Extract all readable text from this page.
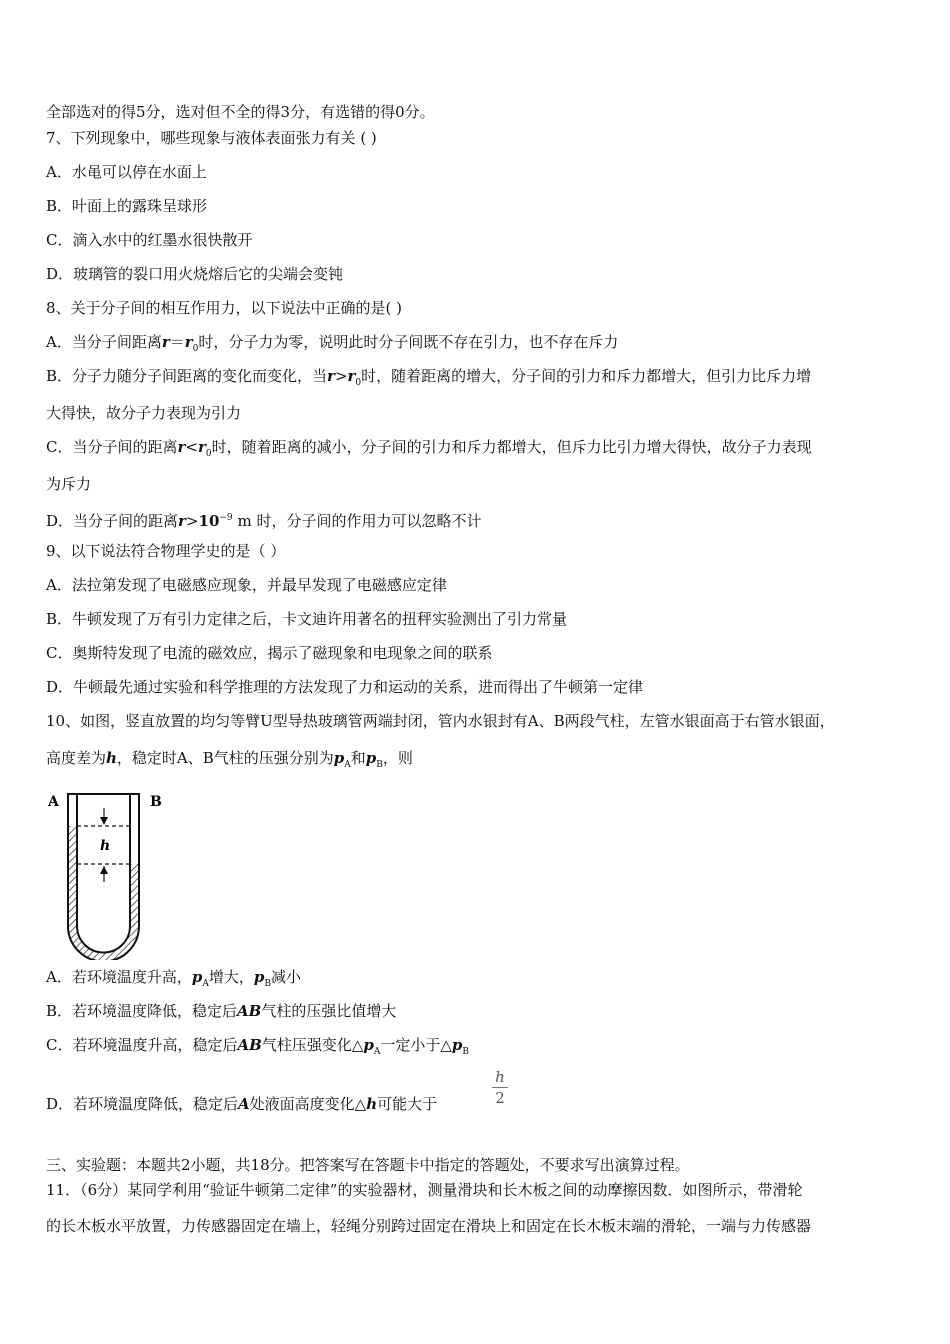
全部选对的得5分，选对但不全的得3分，有选错的得0分。
7、下列现象中，哪些现象与液体表面张力有关 ( )
A．水黾可以停在水面上
B．叶面上的露珠呈球形
C．滴入水中的红墨水很快散开
D．玻璃管的裂口用火烧熔后它的尖端会变钝
8、关于分子间的相互作用力，以下说法中正确的是( )
A．当分子间距离$r=r_0$时，分子力为零，说明此时分子间既不存在引力，也不存在斥力
B．分子力随分子间距离的变化而变化，当$r>r_0$时，随着距离的增大，分子间的引力和斥力都增大，但引力比斥力增
大得快，故分子力表现为引力
C．当分子间的距离$r<r_0$时，随着距离的减小，分子间的引力和斥力都增大，但斥力比引力增大得快，故分子力表现
为斥力
D．当分子间的距离$r>10^{-9}$ m 时，分子间的作用力可以忽略不计
9、以下说法符合物理学史的是（ ）
A．法拉第发现了电磁感应现象，并最早发现了电磁感应定律
B．牛顿发现了万有引力定律之后，卡文迪许用著名的扭秤实验测出了引力常量
C．奥斯特发现了电流的磁效应，揭示了磁现象和电现象之间的联系
D．牛顿最先通过实验和科学推理的方法发现了力和运动的关系，进而得出了牛顿第一定律
10、如图，竖直放置的均匀等臂U型导热玻璃管两端封闭，管内水银封有A、B两段气柱，左管水银面高于右管水银面，
高度差为h，稳定时A、B气柱的压强分别为$p_A$和$p_B$，则
A	B
h
A．若环境温度升高，$p_A$增大，$p_B$减小
B．若环境温度降低，稳定后AB气柱的压强比值增大
C．若环境温度升高，稳定后AB气柱压强变化$\triangle p_A$一定小于$\triangle p_B$
D．若环境温度降低，稳定后A处液面高度变化△h可能大于
h
2
三、实验题：本题共2小题，共18分。把答案写在答题卡中指定的答题处，不要求写出演算过程。
11．（6分）某同学利用“验证牛顿第二定律”的实验器材，测量滑块和长木板之间的动摩擦因数．如图所示，带滑轮
的长木板水平放置，力传感器固定在墙上，轻绳分别跨过固定在滑块上和固定在长木板末端的滑轮，一端与力传感器
